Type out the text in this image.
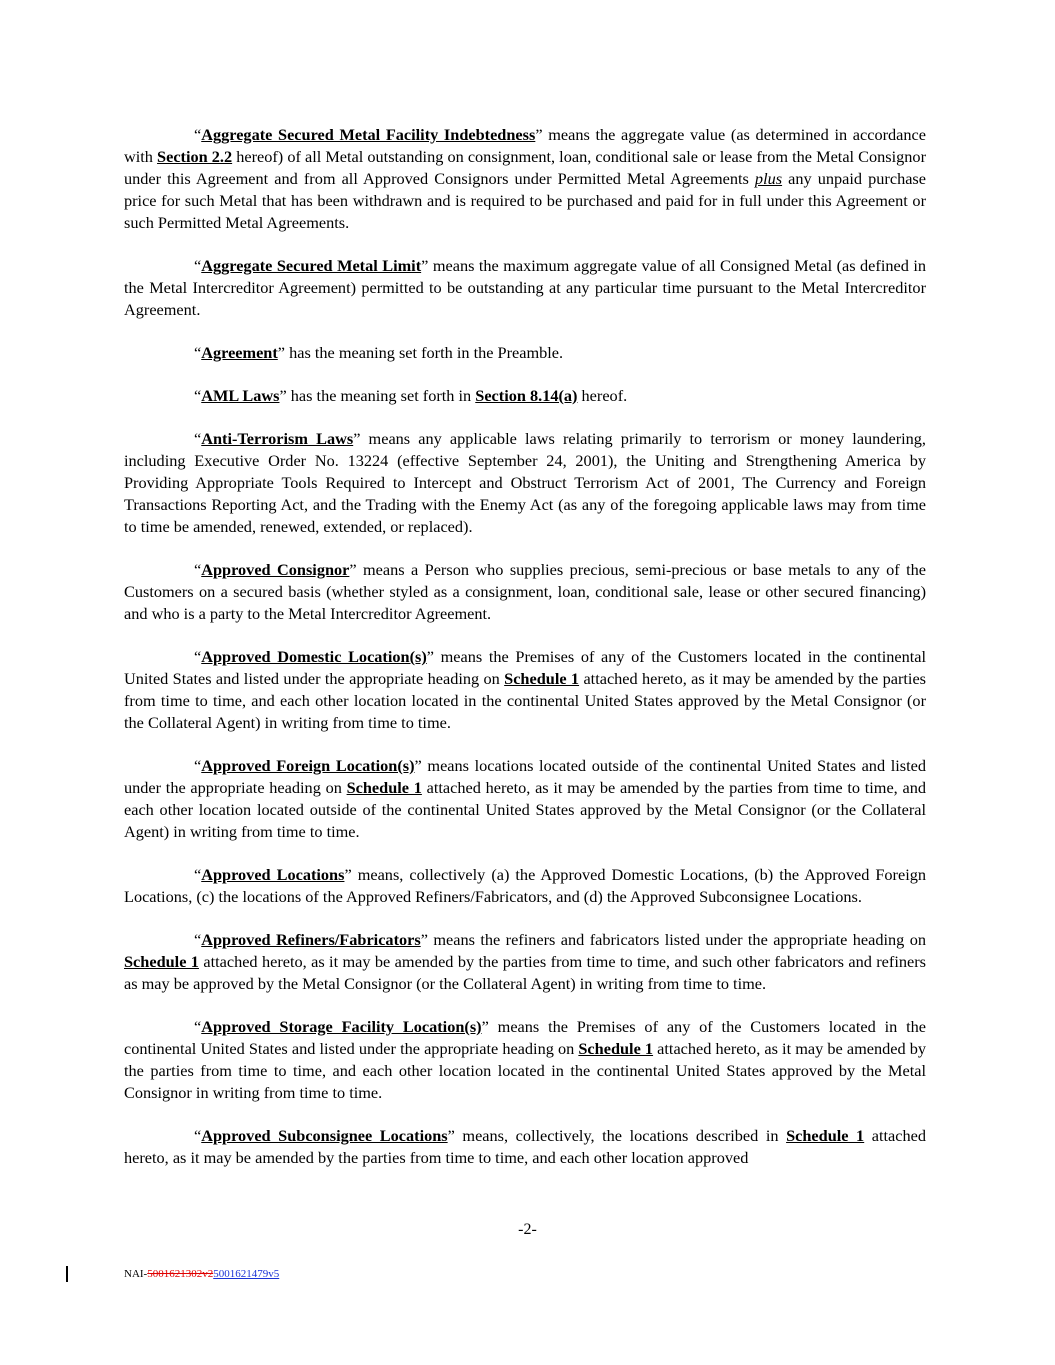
“Aggregate Secured Metal Facility Indebtedness” means the aggregate value (as determined in accordance with Section 2.2 hereof) of all Metal outstanding on consignment, loan, conditional sale or lease from the Metal Consignor under this Agreement and from all Approved Consignors under Permitted Metal Agreements plus any unpaid purchase price for such Metal that has been withdrawn and is required to be purchased and paid for in full under this Agreement or such Permitted Metal Agreements.

“Aggregate Secured Metal Limit” means the maximum aggregate value of all Consigned Metal (as defined in the Metal Intercreditor Agreement) permitted to be outstanding at any particular time pursuant to the Metal Intercreditor Agreement.

“Agreement” has the meaning set forth in the Preamble.

“AML Laws” has the meaning set forth in Section 8.14(a) hereof.

“Anti-Terrorism Laws” means any applicable laws relating primarily to terrorism or money laundering, including Executive Order No. 13224 (effective September 24, 2001), the Uniting and Strengthening America by Providing Appropriate Tools Required to Intercept and Obstruct Terrorism Act of 2001, The Currency and Foreign Transactions Reporting Act, and the Trading with the Enemy Act (as any of the foregoing applicable laws may from time to time be amended, renewed, extended, or replaced).

“Approved Consignor” means a Person who supplies precious, semi-precious or base metals to any of the Customers on a secured basis (whether styled as a consignment, loan, conditional sale, lease or other secured financing) and who is a party to the Metal Intercreditor Agreement.

“Approved Domestic Location(s)” means the Premises of any of the Customers located in the continental United States and listed under the appropriate heading on Schedule 1 attached hereto, as it may be amended by the parties from time to time, and each other location located in the continental United States approved by the Metal Consignor (or the Collateral Agent) in writing from time to time.

“Approved Foreign Location(s)” means locations located outside of the continental United States and listed under the appropriate heading on Schedule 1 attached hereto, as it may be amended by the parties from time to time, and each other location located outside of the continental United States approved by the Metal Consignor (or the Collateral Agent) in writing from time to time.

“Approved Locations” means, collectively (a) the Approved Domestic Locations, (b) the Approved Foreign Locations, (c) the locations of the Approved Refiners/Fabricators, and (d) the Approved Subconsignee Locations.

“Approved Refiners/Fabricators” means the refiners and fabricators listed under the appropriate heading on Schedule 1 attached hereto, as it may be amended by the parties from time to time, and such other fabricators and refiners as may be approved by the Metal Consignor (or the Collateral Agent) in writing from time to time.

“Approved Storage Facility Location(s)” means the Premises of any of the Customers located in the continental United States and listed under the appropriate heading on Schedule 1 attached hereto, as it may be amended by the parties from time to time, and each other location located in the continental United States approved by the Metal Consignor in writing from time to time.

“Approved Subconsignee Locations” means, collectively, the locations described in Schedule 1 attached hereto, as it may be amended by the parties from time to time, and each other location approved

-2-
NAI-5001621302v25001621479v5
